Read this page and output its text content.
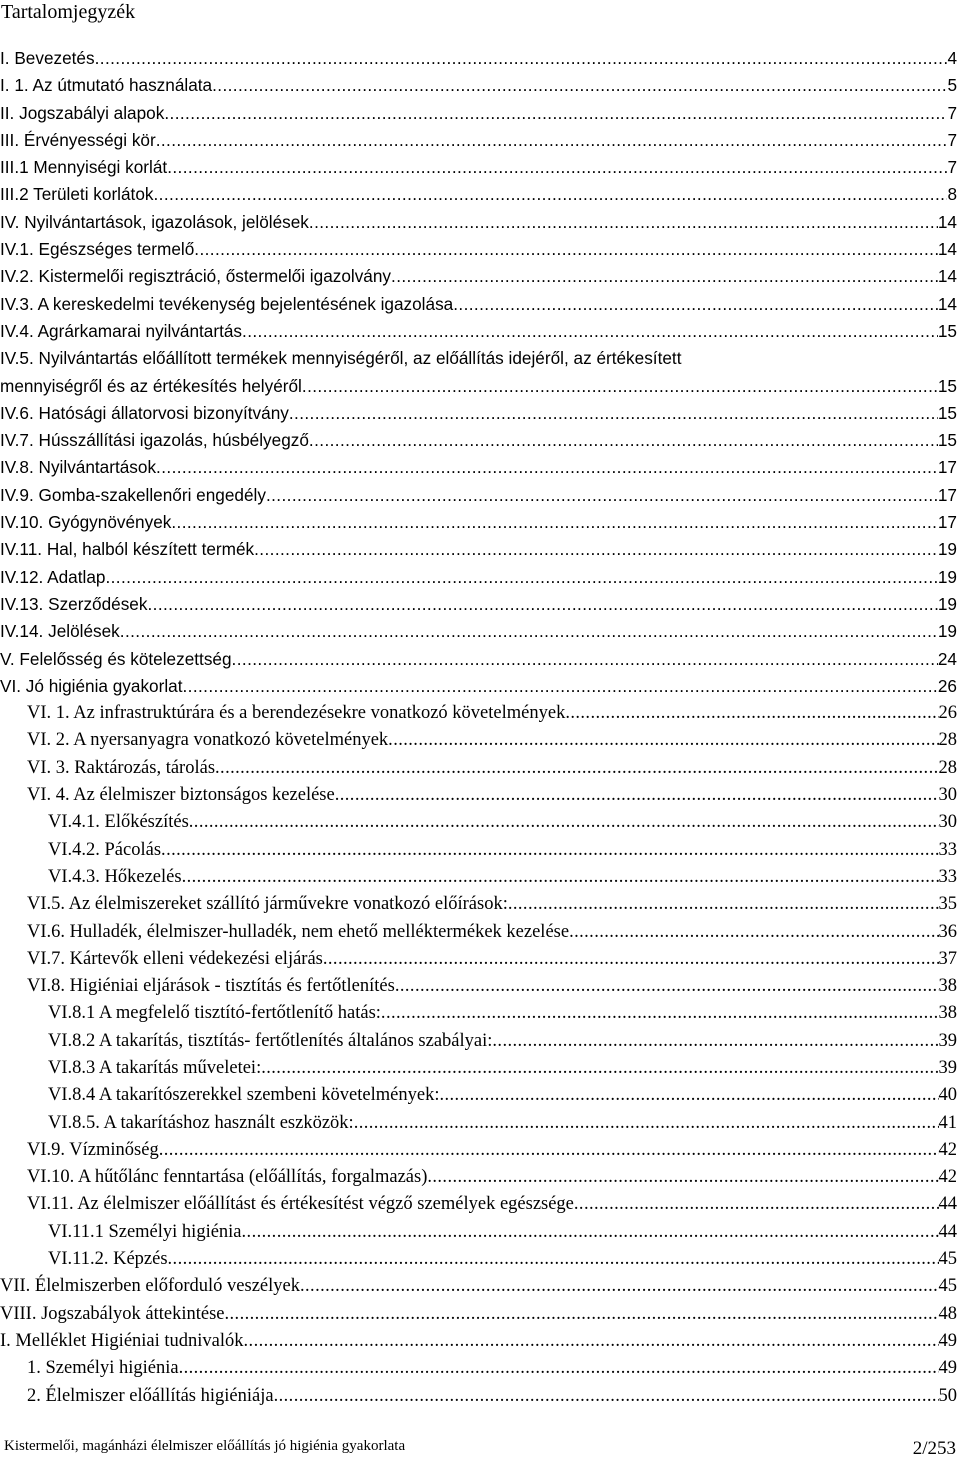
Tartalomjegyzék
I. Bevezetés .....	4
I. 1. Az útmutató használata .....	5
II. Jogszabályi alapok .....	7
III. Érvényességi kör .....	7
III.1 Mennyiségi korlát .....	7
III.2 Területi korlátok .....	8
IV. Nyilvántartások, igazolások, jelölések .....	14
IV.1. Egészséges termelő .....	14
IV.2. Kistermelői regisztráció, őstermelői igazolvány .....	14
IV.3. A kereskedelmi tevékenység bejelentésének igazolása .....	14
IV.4. Agrárkamarai nyilvántartás .....	15
IV.5. Nyilvántartás előállított termékek mennyiségéről, az előállítás idejéről, az értékesített
mennyiségről és az értékesítés helyéről .....	15
IV.6. Hatósági állatorvosi bizonyítvány .....	15
IV.7. Hússzállítási igazolás, húsbélyegző .....	15
IV.8. Nyilvántartások .....	17
IV.9. Gomba-szakellenőri engedély .....	17
IV.10. Gyógynövények .....	17
IV.11. Hal, halból készített termék .....	19
IV.12. Adatlap .....	19
IV.13. Szerződések .....	19
IV.14. Jelölések .....	19
V. Felelősség és kötelezettség .....	24
VI. Jó higiénia gyakorlat .....	26
VI. 1. Az infrastruktúrára és a berendezésekre vonatkozó követelmények .....	26
VI. 2. A nyersanyagra vonatkozó követelmények .....	28
VI. 3. Raktározás, tárolás .....	28
VI. 4. Az élelmiszer biztonságos kezelése .....	30
VI.4.1. Előkészítés .....	30
VI.4.2. Pácolás .....	33
VI.4.3. Hőkezelés .....	33
VI.5. Az élelmiszereket szállító járművekre vonatkozó előírások: .....	35
VI.6. Hulladék, élelmiszer-hulladék, nem ehető melléktermékek kezelése .....	36
VI.7. Kártevők elleni védekezési eljárás .....	37
VI.8. Higiéniai eljárások - tisztítás és fertőtlenítés .....	38
VI.8.1 A megfelelő tisztító-fertőtlenítő hatás: .....	38
VI.8.2 A takarítás, tisztítás- fertőtlenítés általános szabályai: .....	39
VI.8.3 A takarítás műveletei: .....	39
VI.8.4 A takarítószerekkel szembeni követelmények: .....	40
VI.8.5. A takarításhoz használt eszközök: .....	41
VI.9. Vízminőség .....	42
VI.10. A hűtőlánc fenntartása (előállítás, forgalmazás) .....	42
VI.11. Az élelmiszer előállítást és értékesítést végző személyek egészsége .....	44
VI.11.1 Személyi higiénia .....	44
VI.11.2. Képzés .....	45
VII. Élelmiszerben előforduló veszélyek .....	45
VIII. Jogszabályok áttekintése .....	48
I. Melléklet Higiéniai tudnivalók .....	49
1. Személyi higiénia .....	49
2. Élelmiszer előállítás higiéniája .....	50
Kistermelői, magánházi élelmiszer előállítás jó higiénia gyakorlata	2/253
